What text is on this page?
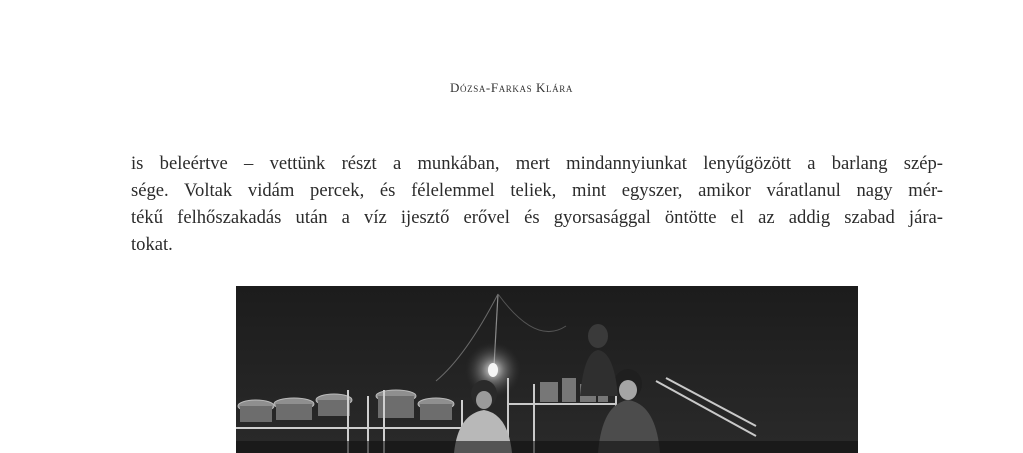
Dózsa-Farkas Klára
is beleértve – vettünk részt a munkában, mert mindannyiunkat lenyűgözött a barlang szép-
sége. Voltak vidám percek, és félelemmel teliek, mint egyszer, amikor váratlanul nagy mér-
tékű felhőszakadás után a víz ijesztő erővel és gyorsasággal öntötte el az addig szabad jára-
tokat.
